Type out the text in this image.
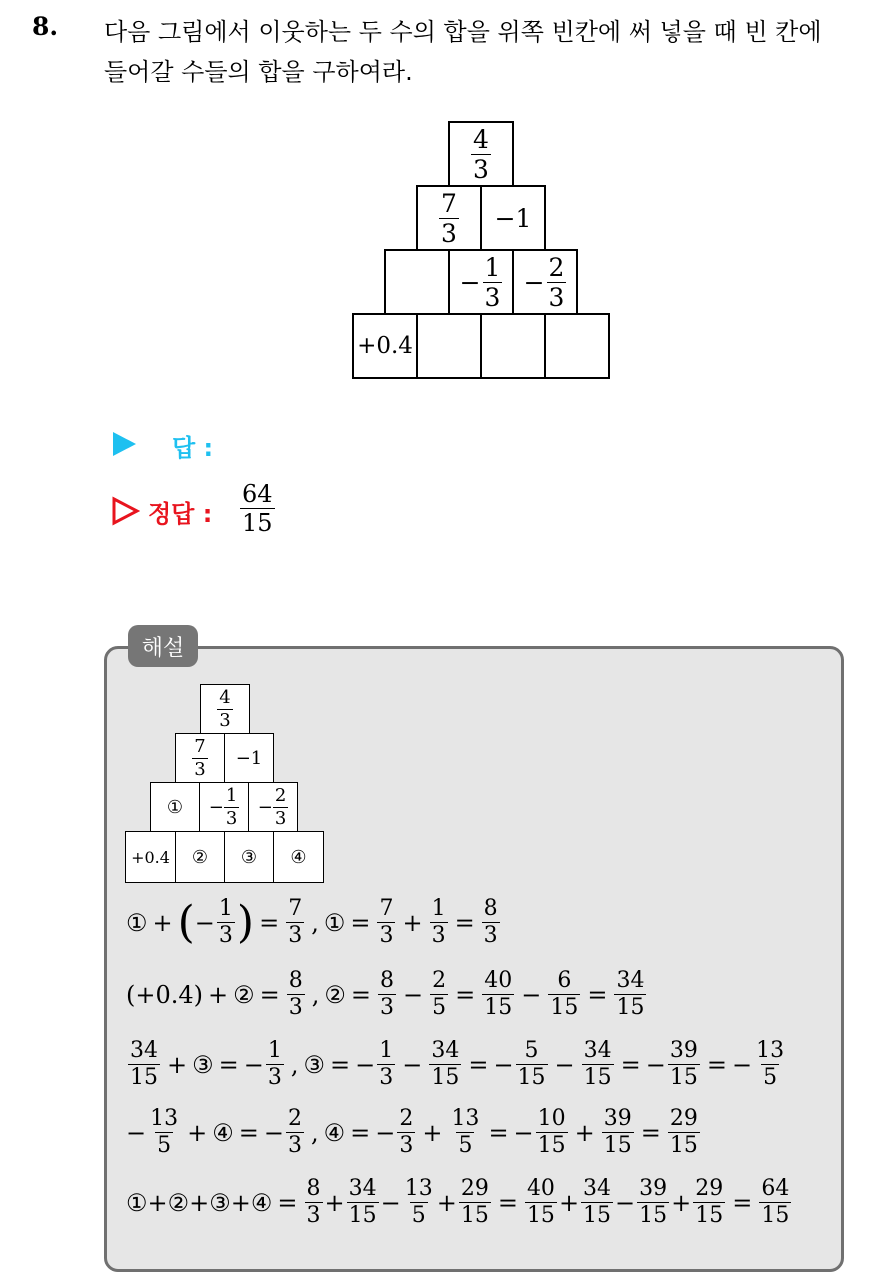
8. 다음 그림에서 이웃하는 두 수의 합을 위쪽 빈칸에 써 넣을 때 빈 칸에
들어갈 수들의 합을 구하여라.
$\frac{4}{3}$
$\frac{7}{3} -1$
− $\frac{1}{3} - \frac{2}{3}$
+0.4
답 :
정답 : $\frac{64}{15}$
해설
$\frac{4}{3}$
$\frac{7}{3} -1$
① − $\frac{1}{3} - \frac{2}{3}$
+0.4 ② ③ ④
① + ( − $\frac{1}{3}$ ) = $\frac{7}{3}$ , ① = $\frac{7}{3} + \frac{1}{3} = \frac{8}{3}$
(+0.4) + ② = $\frac{8}{3}$ , ② = $\frac{8}{3} - \frac{2}{5} = \frac{40}{15} - \frac{6}{15} = \frac{34}{15}$
$\frac{34}{15}$ + ③ = − $\frac{1}{3}$ , ③ = − $\frac{1}{3} - \frac{34}{15}$ = − $\frac{5}{15} - \frac{34}{15}$ = − $\frac{39}{15}$ = − $\frac{13}{5}$
− $\frac{13}{5}$ + ④ = − $\frac{2}{3}$ , ④ = − $\frac{2}{3} + \frac{13}{5}$ = − $\frac{10}{15} + \frac{39}{15} = \frac{29}{15}$
① + ② + ③ + ④ = $\frac{8}{3} + \frac{34}{15} - \frac{13}{5} + \frac{29}{15} = \frac{40}{15} + \frac{34}{15} - \frac{39}{15} + \frac{29}{15} = \frac{64}{15}$
